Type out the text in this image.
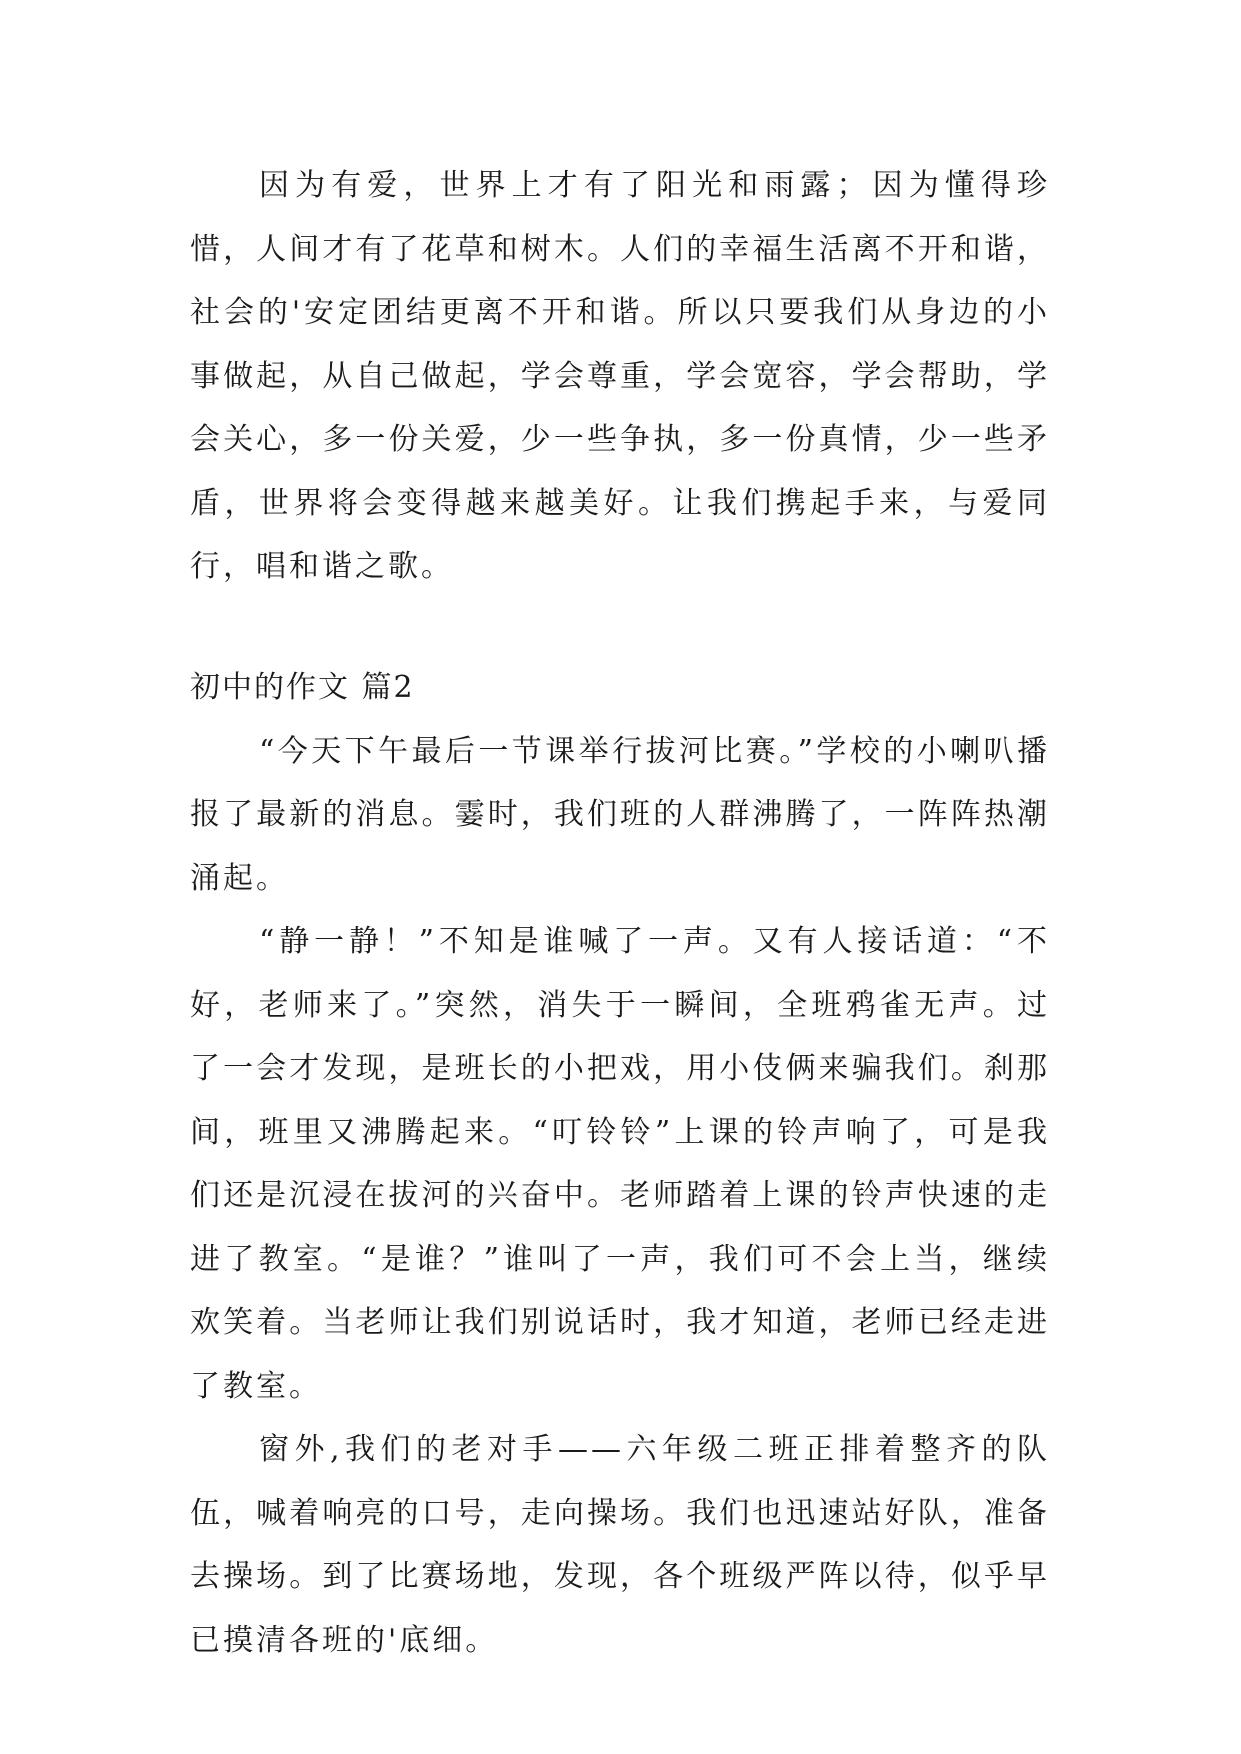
因为有爱，世界上才有了阳光和雨露；因为懂得珍惜，人间才有了花草和树木。人们的幸福生活离不开和谐，社会的'安定团结更离不开和谐。所以只要我们从身边的小事做起，从自己做起，学会尊重，学会宽容，学会帮助，学会关心，多一份关爱，少一些争执，多一份真情，少一些矛盾，世界将会变得越来越美好。让我们携起手来，与爱同行，唱和谐之歌。

初中的作文 篇2

“今天下午最后一节课举行拔河比赛。”学校的小喇叭播报了最新的消息。霎时，我们班的人群沸腾了，一阵阵热潮涌起。

“静一静！”不知是谁喊了一声。又有人接话道：“不好，老师来了。”突然，消失于一瞬间，全班鸦雀无声。过了一会才发现，是班长的小把戏，用小伎俩来骗我们。刹那间，班里又沸腾起来。“叮铃铃”上课的铃声响了，可是我们还是沉浸在拔河的兴奋中。老师踏着上课的铃声快速的走进了教室。“是谁？”谁叫了一声，我们可不会上当，继续欢笑着。当老师让我们别说话时，我才知道，老师已经走进了教室。

窗外,我们的老对手——六年级二班正排着整齐的队伍，喊着响亮的口号，走向操场。我们也迅速站好队，准备去操场。到了比赛场地，发现，各个班级严阵以待，似乎早已摸清各班的'底细。
